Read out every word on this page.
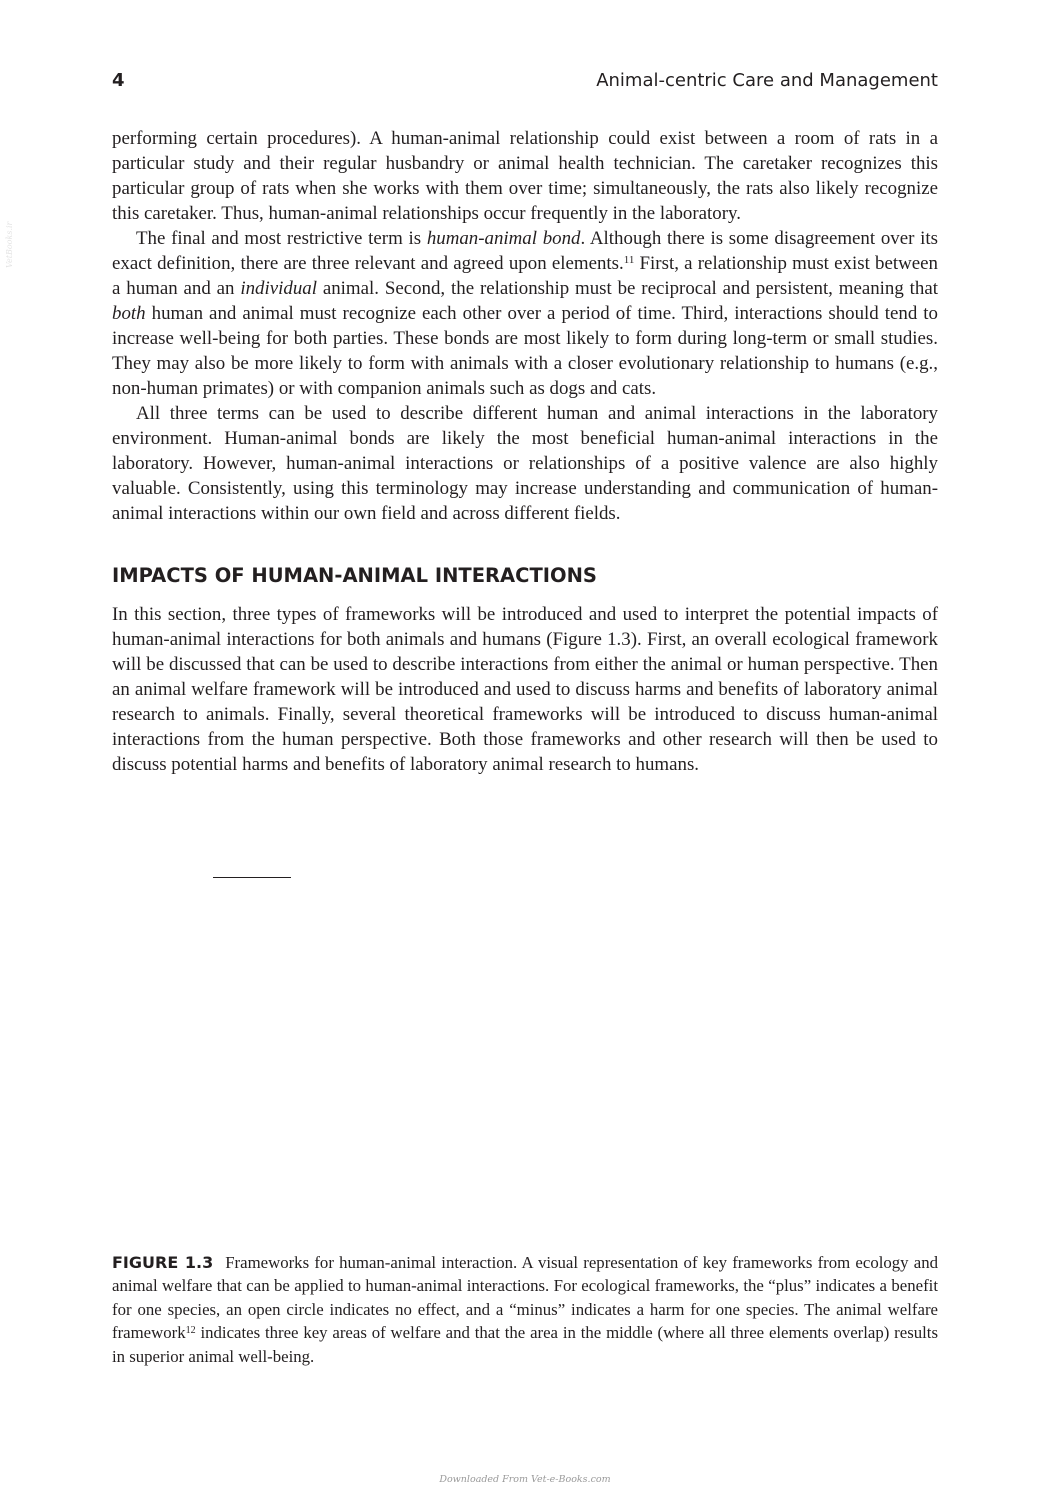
4	Animal-centric Care and Management
VetBooks.ir

performing certain procedures). A human-animal relationship could exist between a room of rats in a particular study and their regular husbandry or animal health technician. The caretaker recognizes this particular group of rats when she works with them over time; simultaneously, the rats also likely recognize this caretaker. Thus, human-animal relationships occur frequently in the laboratory.

The final and most restrictive term is human-animal bond. Although there is some disagreement over its exact definition, there are three relevant and agreed upon elements.$^{11}$ First, a relationship must exist between a human and an individual animal. Second, the relationship must be reciprocal and persistent, meaning that both human and animal must recognize each other over a period of time. Third, interactions should tend to increase well-being for both parties. These bonds are most likely to form during long-term or small studies. They may also be more likely to form with animals with a closer evolutionary relationship to humans (e.g., non-human primates) or with companion animals such as dogs and cats.

All three terms can be used to describe different human and animal interactions in the laboratory environment. Human-animal bonds are likely the most beneficial human-animal interactions in the laboratory. However, human-animal interactions or relationships of a positive valence are also highly valuable. Consistently, using this terminology may increase understanding and communication of human-animal interactions within our own field and across different fields.

IMPACTS OF HUMAN-ANIMAL INTERACTIONS

In this section, three types of frameworks will be introduced and used to interpret the potential impacts of human-animal interactions for both animals and humans (Figure 1.3). First, an overall ecological framework will be discussed that can be used to describe interactions from either the animal or human perspective. Then an animal welfare framework will be introduced and used to discuss harms and benefits of laboratory animal research to animals. Finally, several theoretical frameworks will be introduced to discuss human-animal interactions from the human perspective. Both those frameworks and other research will then be used to discuss potential harms and benefits of laboratory animal research to humans.

FIGURE 1.3 Frameworks for human-animal interaction. A visual representation of key frameworks from ecology and animal welfare that can be applied to human-animal interactions. For ecological frameworks, the “plus” indicates a benefit for one species, an open circle indicates no effect, and a “minus” indicates a harm for one species. The animal welfare framework$^{12}$ indicates three key areas of welfare and that the area in the middle (where all three elements overlap) results in superior animal well-being.
Downloaded From Vet-e-Books.com
